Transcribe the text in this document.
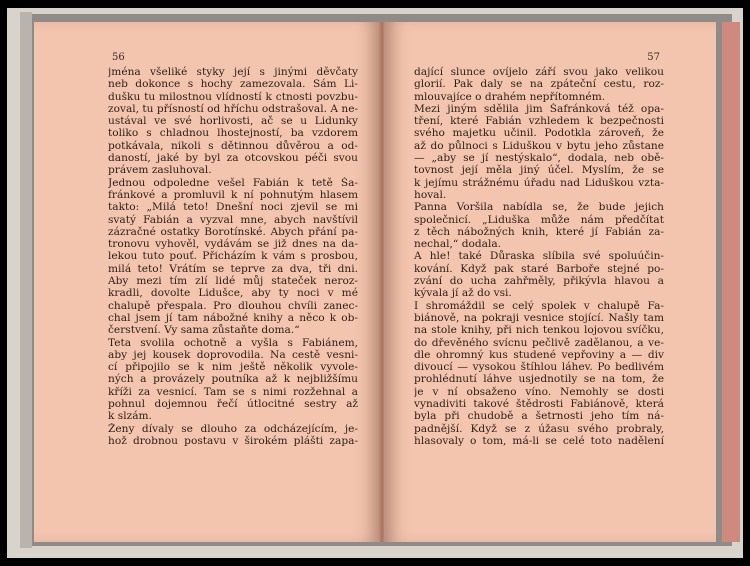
56
jména všeliké styky její s jinými děvčaty
neb dokonce s hochy zamezovala. Sám Li-
dušku tu milostnou vlídností k ctnosti povzbu-
zoval, tu přísností od hříchu odstrašoval. A ne-
ustával ve své horlivosti, ač se u Lidunky
toliko s chladnou lhostejností, ba vzdorem
potkávala, nikoli s dětinnou důvěrou a od-
daností, jaké by byl za otcovskou péči svou
právem zasluhoval.
Jednou odpoledne vešel Fabián k tetě Ša-
fránkové a promluvil k ní pohnutým hlasem
takto: „Milá teto! Dnešní noci zjevil se mi
svatý Fabián a vyzval mne, abych navštívil
zázračné ostatky Borotínské. Abych přání pa-
tronovu vyhověl, vydávám se již dnes na da-
lekou tuto pouť. Přicházím k vám s prosbou,
milá teto! Vrátím se teprve za dva, tři dni.
Aby mezi tím zlí lidé můj stateček neroz-
kradli, dovolte Lidušce, aby ty noci v mé
chalupě přespala. Pro dlouhou chvíli zanec-
chal jsem jí tam nábožné knihy a něco k ob-
čerstvení. Vy sama zůstaňte doma.“
Teta svolila ochotně a vyšla s Fabiánem,
aby jej kousek doprovodila. Na cestě vesni-
cí připojilo se k nim ještě několik vyvole-
ných a provázely poutníka až k nejbližšímu
kříži za vesnicí. Tam se s nimi rozžehnal a
pohnul dojemnou řečí útlocitné sestry až
k slzám.
Ženy dívaly se dlouho za odcházejícím, je-
hož drobnou postavu v širokém plášti zapa-
57
dající slunce ovíjelo září svou jako velikou
glorií. Pak daly se na zpáteční cestu, roz-
mlouvajíce o drahém nepřítomném.
Mezi jiným sdělila jim Šafránková též opa-
tření, které Fabián vzhledem k bezpečnosti
svého majetku učinil. Podotkla zároveň, že
až do půlnoci s Liduškou v bytu jeho zůstane
— „aby se jí nestýskalo“, dodala, neb obě-
tovnost její měla jiný účel. Myslím, že se
k jejímu strážnému úřadu nad Liduškou vzta-
hoval.
Panna Voršila nabídla se, že bude jejich
společnicí. „Liduška může nám předčítat
z těch nábožných knih, které jí Fabián za-
nechal,“ dodala.
A hle! také Důraska slíbila své spoluúčin-
kování. Když pak staré Barboře stejné po-
zvání do ucha zahřměly, přikývla hlavou a
kývala jí až do vsi.
I shromáždil se celý spolek v chalupě Fa-
biánově, na pokraji vesnice stojící. Našly tam
na stole knihy, při nich tenkou lojovou svíčku,
do dřevěného svícnu pečlivě zadělanou, a ve-
dle ohromný kus studené vepřoviny a — div
divoucí — vysokou štíhlou láhev. Po bedlivém
prohlédnutí láhve usjednotily se na tom, že
je v ní obsaženo víno. Nemohly se dosti
vynadiviti takové štědrosti Fabiánově, která
byla při chudobě a šetrnosti jeho tím ná-
padnější. Když se z úžasu svého probraly,
hlasovaly o tom, má-li se celé toto nadělení
